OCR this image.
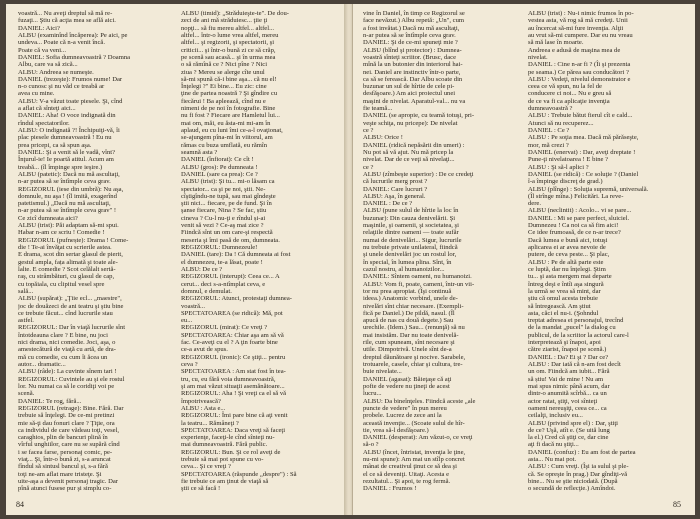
voastră... Nu aveţi dreptul să mă re-

fuzaţi... Ştiu că acţia mea se află aici.

DANIEL: Aici?

ALBU (examinînd încăperea): Pe aici, pe

undeva... Poate că n-a venit încă.

Poate că va veni...

DANIEL: Sofia dumneavoastră ? Doamna

Albu, care va să zică...

ALBU: Andreea se numeşte.

DANIEL (trezeşte): Frumos nume! Dar

n-o cunosc şi nu văd ce treabă ar

avea cu mine.

ALBU: V-a văzut toate piesele. Şi, cînd

a aflat că sînteţi aici...

DANIEL: Aha! O voce indignată din

rîndul spectatorilor.

ALBU: O indignată ?! Închipuiţi-vă, îi

plac piesele dumneavoastră ! Eu nu

prea pricepi, ca să spun aşa.

DANIEL: Şi a venit să le vadă, vînt?

Înţurul-ie! Ie poartă atitul. Acum am

treabă... (îl împinge spre ieşire.)

ALBU (patetic): Dacă nu mă ascultaţi,

n-ar putea să se întîmple ceva grav.

REGIZORUL (iese din umbră): Nu aşa,

domnule, nu aşa ! (îl imită, exagerînd

patetismul.) „Dacă nu mă ascultaţi,

n-ar putea să se întîmple ceva grav" !

Ce zicî dumneata aici?

ALBU (trist): Păi adaptam să-mi spui.

Habar n-am ce scriu ! Comedie !

REGIZORUL (pufnește): Drama ! Come-

die ! Te-ai învăţat cu scrierile astea.

E drama, scot din sertar glasul de pierit,

gestul ampla, fața alimată şi toate ale-

lalte. E comedie ? Scot celălalt sertă-

raş, cu strâmbături, cu glasul de cap,

cu topăiala, cu clipitul vesel spre

sală...

ALBU (supărat): „Ţiie ecl... „maestre",

joc de douăzeci de ani teatru şi ştiu bine

ce trebuie făcut... cînd lucrurile stau

astfel.

REGIZORUL: Dar în viaţă lucrurile sînt

întotdeauna clare ? E bine, nu joci

nici drama, nici comedie. Joci, aşa, o

amestecătură de viaţă cu artă, de dra-

mă cu comedie, cu cum îi ăcea un

autor... dramatic...

ALBU (râde): La cuvinte sînem tari !

REGIZORUL: Cuvintele au şi ele rostul

lor. Nu numai ca să le coridiţi voi pe

scenă.

DANIEL: Te rog, fără...

REGIZORUL (retrage): Bine. Fără. Dar

trebuie să înţelegi. De ce-mi pretinzi

mie să-ţi dau fonuri clare ? Ţiţie, ora

ca individul de care vădeau toţi, vesel,

caraghios, plin de bancuri plină în

vîrful unghiilor, care nu se supără cînd

i se facea farse, personaj comic, pe-

viaţ... Şi, într-o bună zi, s-a aruncat

fîndul să sintusl bancul și, s-a fără

toţi ne-am aflat mare tristeţe. Şi

uite-aşa a devenit personaj tragic. Dar

pînă atunci fusese pur şi simplu co-

ALBU (timid): „Străduieşte-te". De dou-

zeci de ani mă străduiesc... ţiie ţi

nopţi... să fiu mereu altfel... altfel...

altfel... într-o lume vrea altfel, mereu

altfel... şi regizorii, şi spectatorii, şi

criticii... şi într-o bună zi ce să crăp,

pe scenă sau acasă... şi în urma mea

o să rămînă ce ? Nici pîne ? Nici

ziua ? Mereu se alerge cîte unul

să-mi spună că-i bine aşa... că nu el!

Înţelegi ?" Ei bine... Eu zic: cine

ţine de partea noastră ? Şi gîndire cu

fiecărui ! Ba apleează, cînd nu e

nimeni de pe noi în fotografie. Bine

nu fi fost ? Fiecare are Hamletul lui...

mai om, măi, eu ăsta-mi mi-am în

aplaud, eu cu luni îmi ce-a-l ovaţionat,

se-ajungem pîna-mi în viitorul, am

rămas cu buza umflată, eu rămîn

seamnă asta ?

DANIEL (înfiorat): Ce cît !

ALBU (gros): Pe dumneata !

DANIEL (sare ca prea): Ce ?

ALBU (trist): Şi tu... mi-o lăsam ca

spectator... ca şi pe noi, ştii. Ne-

cîştigîndu-ne tupă, sau mai gîndeşte

ştii nici... fiecare, pe de fund. Şi în

şanse fiecare, Nina ? Se fac, știu

cineva ? Cu-l nu-ţi e rîndul și-ai

venit să vezi ? Ce-aş mai zice ?

Fiindcă sînt un om care-şi respectă

meseria şi îmi pasă de om, dumneata.

REGIZORUL: Dumnezeule!

DANIEL (tare): Da ! Că dumneata ai fost

el dumnezeu, te-a lăsat, poate !

ALBU: De ce ?

REGIZORUL (interupt): Ceea ce... A

cerut... deci s-a-ntîmplat ceva, e

domnul, e demulat.

REGIZORUL: Atunci, protestaţi dumnea-

voastră...

SPECTATOAREA (se ridică): Mă, pot

eu...

REGIZORUL (mirat): Ce vreţi ?

SPECTATOAREA: Chiar aşa am să vă

fac. Ce-aveţi cu el ? A ţin foarte bine

ce-a avut de spus.

REGIZORUL (ironic): Ce ştiţi... pentru

ceva ?

SPECTATOAREA : Am stat fost în tea-

tru, cu, eu fără voia dumneavoastră,

şi am mai văzut situaţii asemănătoare...

REGIZORUL: Aha ! Şi vreţi ca el să vă

împotrivească?

ALBU : Asta e...

REGIZORUL: Îmi pare bine că aţi venit

la teatru... Rămâneţi ?

SPECTATOAREA: Daca vreţi să faceţi

experienţe, faceţi-le cînd sînteţi nu-

mai dumneavoastră. Fără public.

REGIZORUL: Bun. Şi ce rol aveţi de

trebuie să mai pot spune cu vo-

ceva... Şi ce vreţi ?

SPECTATOAREA (răspunde „despre") : Să

fie trebuie ce am ţinut de viaţă să

ştii ce să facă !

84

vine în Daniel, în timp ce Regizorul se

face nevăzut.) Albu repetă: „Un", cum

a fost invătat.) Dacă nu mă ascultaţi,

n-ar putea să se întîmple ceva grav.

DANIEL: Şi de ce-mi spuneţi mie ?

ALBU (blînd şi protector) : Dumnea-

voastră sînteţi scriitor. (Brusc, dace

mînă la un butonier din interiorul hai-

nei. Daniel are instinctiv într-o parte,

ca să se ferească. Dar Albu scoate din

buzunar un sul de hîrtie de cele pi-

desfăşoare.) Am aici proiectul unei

maşini de nivelat. Aparatul-val... nu va

fie teamă...

DANIEL (se apropie, cu teamă totuşi, pri-

veşte schiţa, nu pricepe): De nivelat

ce ?

ALBU: Orice !

DANIEL (ridică nepăsării din umeri) :

Nu pot să vă ajut. Nu mă pricep la

nivelat. Dar de ce veţi să nivelaţi...

ce ?

ALBU (zîmbeşte superior) : De ce credeţi

că lucrurile merg prost ?

DANIEL: Care lucruri ?

ALBU: Aşa, în general.

DANIEL : De ce ?

ALBU (pune sulul de hîrtie la loc în

buzunar): Din cauza denivelării. Şi

maşinile, şi oamenii, şi societatea, şi

relaţiile dintre oameni — toate sufăr

numai de denivelări... Sigur, lucrurile

nu trebuie private unilateral, fiindcă

şi unele denivelări joc un rostul lor,

în special, în lumea plina. Sînt, în

cazul nostru, al humanoizilor...

DANIEL: Sîntem oameni, nu humanoizi.

ALBU: Vom fi, poate, cameni, într-un vii-

tor nu prea apropiat. (Îşi continuă

ideea.) Anatomic vorbind, unele de-

nivelări sînt chiar necesare. (Exempli-

fică pe Daniel.) De pildă, nasul. (Îl

apucă de nas cu două degete.) Sau

urechile. (Idem.) Sau... (renunţă) să nu

mai insistăm. Dar nu toate denivelă-

rile, cum spuneam, sînt necesare şi

utile. Dimpotrivă. Unele sînt de-a

dreptul dăunătoare şi nocive. Sarabele,

trotuarele, casele, chiar şi cultura, tre-

buie nivelate...

DANIEL (agasat): Băieţaşe că aţi

pofte de vedere nu ţineţi de acest

lucru...

ALBU: Da bineînţeles. Fiindcă aceste „ale

puncte de vedere" în pun mereu

probele. Lucrez de zece ani la

această invenţie... (Scoate sulul de hîr-

tie, vrea să-l desfăşoare.)

DANIEL (desperat): Am văzut-o, ce vreţi

să-o ?

ALBU (încet, întristat, invenţia le ţine,

nu-mi spune): Am mai un stîlp concret

mânat de creativul ţinut ce să dea şi

el ce să deveniţi. Uitaţi. Acesta e

rezultatul... Şi apoi, te rog fermă.

DANIEL : Frumos !

ALBU (trist) : Nu-i nimic frumos în po-

vestea asta, vă rog să mă credeţi. Unii

au încercat să-mi fure invenţia. Alţii

au vrut să-mi cumpere. Dar eu nu vreau

să mă lase în moarte.

Andreea e adusă de maşina mea de

nivelat.

DANIEL : Cine n-ar fi ? (Îi şi prezenta

pe seama.) Ce părea sau conducători ?

ALBU : Vedeţi, nivelul demonstrator e

ceea ce vă spun, nu la fel de

conducere ci noi... Nu e greu să

de ce va fi ca aplicaţie invenţia

dumneavoastră ?

ALBU : Trebuie bătut fierul cît e cald...

Atunci să nu recuperez...

DANIEL : Ce ?

ALBU : Pe soţia mea. Dacă mă părăseşte,

mor, mă crezi ?

DANIEL (enervat) : Dar, aveţi dreptate !

Pune-ţi nivelatoarea ! E bine ?

ALBU : Şi să-l aplici ?

DANIEL (se ridică) : Ce soluţie ? (Daniel

î-a împinge discreţ de grad.)

ALBU (plînge) : Soluţia supremă, universală.

(Îl strînge mîna.) Felicitări. La reve-

dere.

ALBU (neclintit) : Acolo... vi se pare...

DANIEL : Mi se pare perfect, sluiciel.

Dumnezeu ! Ca noi ca să fim aici!

Ce idee frumoasă, de ce n-ar trece?

Dacă lumea e bună aici, totuşi

aplicarea ei ar avea nevoie de

putere, de ceva peste... Şi plac,

ALBU : Pe de altă parte este

ce luptă, dar nu înţelegi. Ştim

tu... şi asta mergem mai departe

întreg deşi e întîi aşa singură

la urmă se vrea să mint, dar

ştiu că omul acesta trebuie

să întregească. Am ştiut

asta, căci el nu-i. (Şohndul

treptat adresea ei personajul, trecînd

de la mandat „pucel" la dialog cu

publicul, de la scriitor la actorul care-l

interpretează şi înapoi, apoi

către ziarist, înapoi pe scenă.)

DANIEL : Da? Ei şi ? Dar ce?

ALBU : Dar iată că n-am fost decît

un om. Fiindcă am iubit... Fără

să știu! Vai de mine ! Nu am

mai spus nimic până acum, dar

dintr-o anumită scîrbă... ca un

actor ratat, ştiţi, voi sînteţi

oameni nereuşiţi, ceea ce... ca

ceilalţi, inclusiv eu...

ALBU (privind spre el) : Dar, ştiţi

de ce? Uşă, atît e. (Se uită lung

la el.) Cred că ştiţi ce, dar cine

aţi fi dacă nu ştiţi...

DANIEL (confuz) : Eu am fost de partea

asta... Nu mai pot.

ALBU : Cum vreţi. (Îşi ia sulul şi ple-

că. Se opreşte în prag.) Dar gîndiţi-vă

bine... Nu se ştie niciodată. (După

o secundă de reflecţie.) Amîndoi.

85
